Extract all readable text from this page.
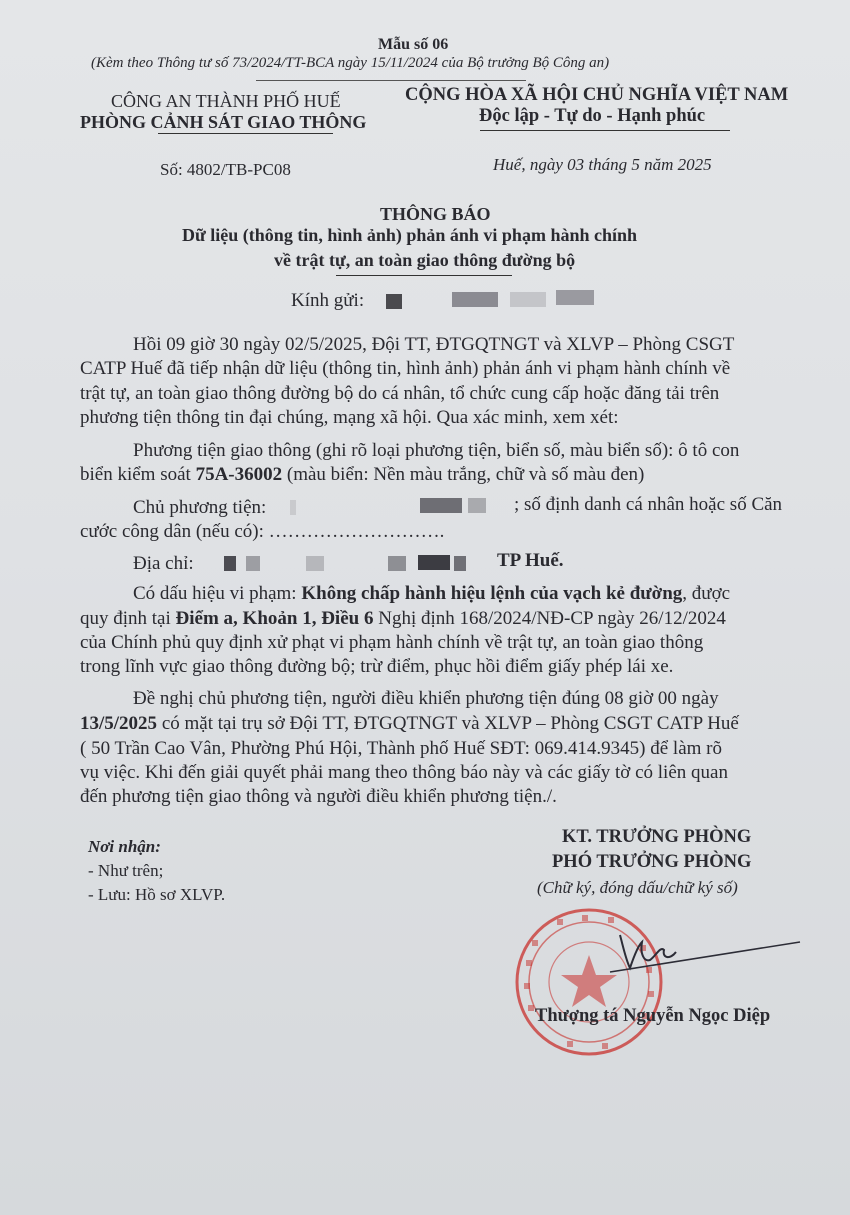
Mẫu số 06
(Kèm theo Thông tư số 73/2024/TT-BCA ngày 15/11/2024 của Bộ trưởng Bộ Công an)
CÔNG AN THÀNH PHỐ HUẾ
PHÒNG CẢNH SÁT GIAO THÔNG
CỘNG HÒA XÃ HỘI CHỦ NGHĨA VIỆT NAM
Độc lập - Tự do - Hạnh phúc
Số: 4802/TB-PC08	Huế, ngày 03 tháng 5 năm 2025
THÔNG BÁO
Dữ liệu (thông tin, hình ảnh) phản ánh vi phạm hành chính
về trật tự, an toàn giao thông đường bộ
Kính gửi:
Hồi 09 giờ 30 ngày 02/5/2025, Đội TT, ĐTGQTNGT và XLVP – Phòng CSGT
CATP Huế đã tiếp nhận dữ liệu (thông tin, hình ảnh) phản ánh vi phạm hành chính về
trật tự, an toàn giao thông đường bộ do cá nhân, tổ chức cung cấp hoặc đăng tải trên
phương tiện thông tin đại chúng, mạng xã hội. Qua xác minh, xem xét:
Phương tiện giao thông (ghi rõ loại phương tiện, biển số, màu biển số): ô tô con
biển kiểm soát 75A-36002 (màu biển: Nền màu trắng, chữ và số màu đen)
Chủ phương tiện:	; số định danh cá nhân hoặc số Căn
cước công dân (nếu có): ……………………….
Địa chỉ:	TP Huế.
Có dấu hiệu vi phạm: Không chấp hành hiệu lệnh của vạch kẻ đường, được
quy định tại Điểm a, Khoản 1, Điều 6 Nghị định 168/2024/NĐ-CP ngày 26/12/2024
của Chính phủ quy định xử phạt vi phạm hành chính về trật tự, an toàn giao thông
trong lĩnh vực giao thông đường bộ; trừ điểm, phục hồi điểm giấy phép lái xe.
Đề nghị chủ phương tiện, người điều khiển phương tiện đúng 08 giờ 00 ngày
13/5/2025 có mặt tại trụ sở Đội TT, ĐTGQTNGT và XLVP – Phòng CSGT CATP Huế
( 50 Trần Cao Vân, Phường Phú Hội, Thành phố Huế SĐT: 069.414.9345) để làm rõ
vụ việc. Khi đến giải quyết phải mang theo thông báo này và các giấy tờ có liên quan
đến phương tiện giao thông và người điều khiển phương tiện./.
Nơi nhận:
- Như trên;
- Lưu: Hồ sơ XLVP.
KT. TRƯỞNG PHÒNG
PHÓ TRƯỞNG PHÒNG
(Chữ ký, đóng dấu/chữ ký số)
Thượng tá Nguyễn Ngọc Diệp
